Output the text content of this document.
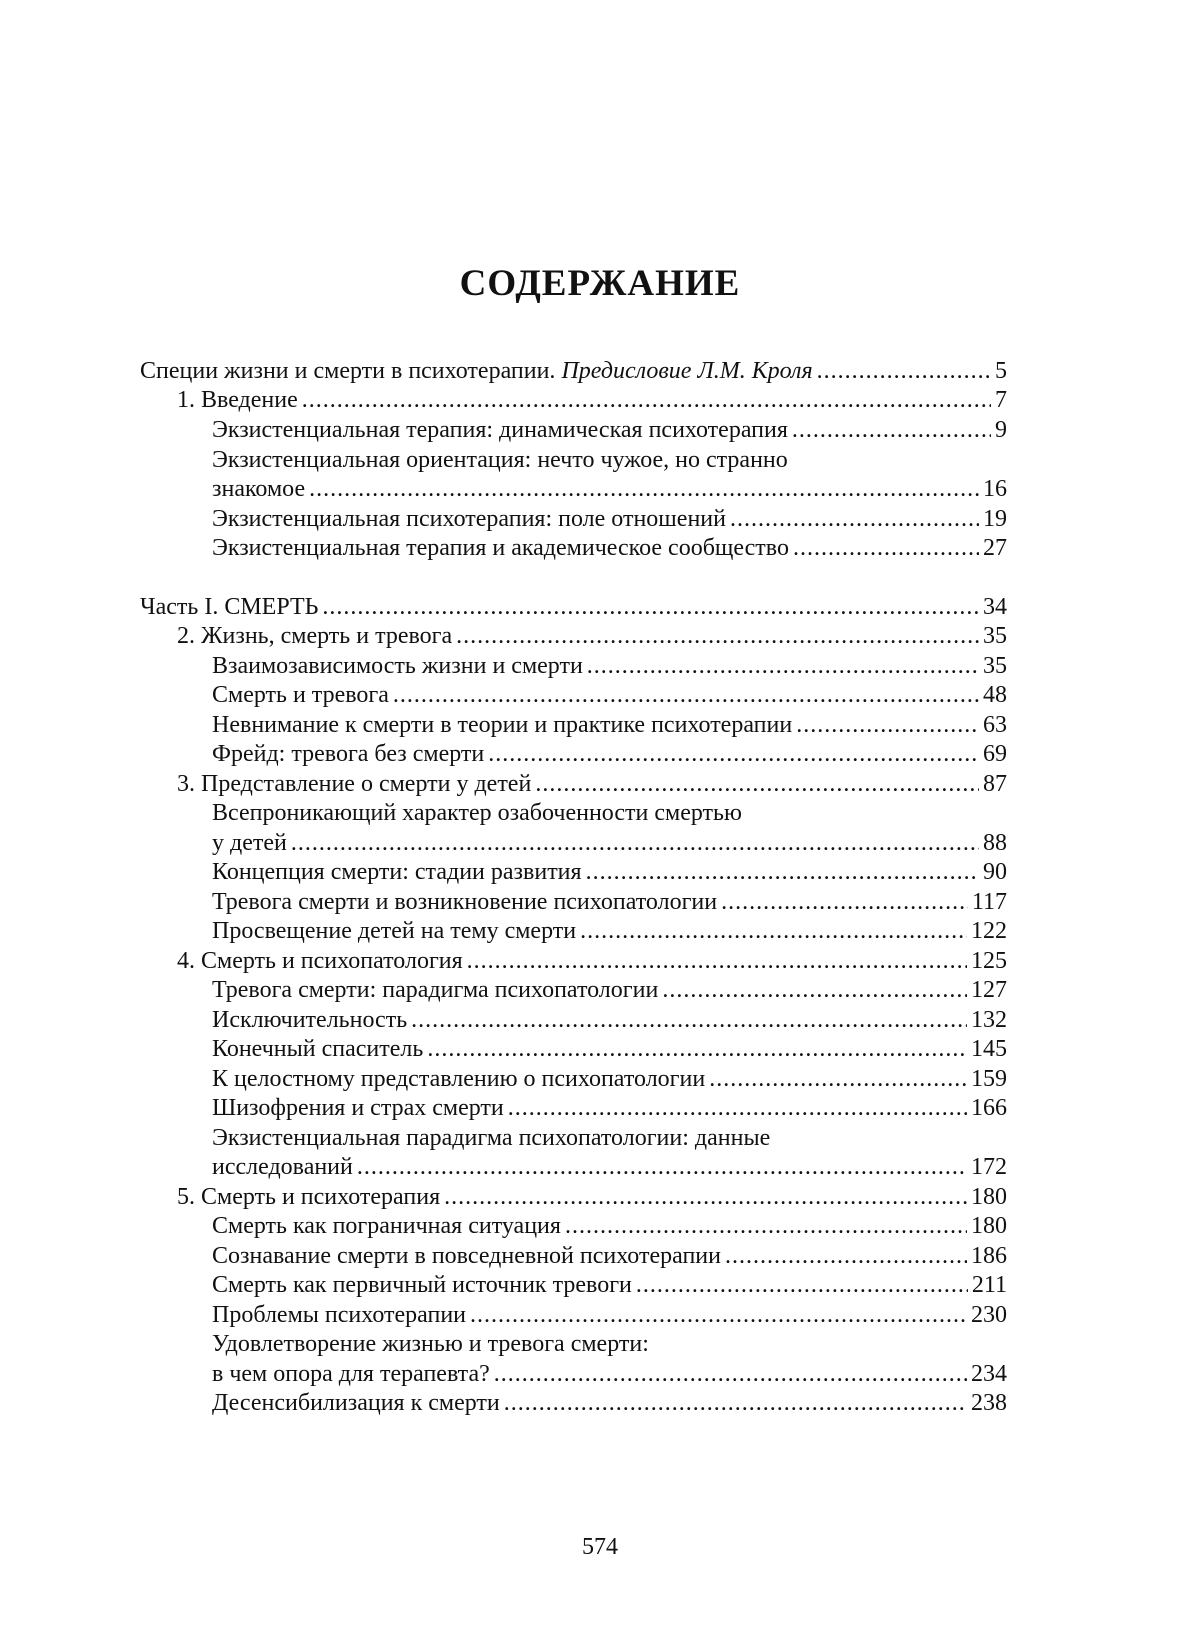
СОДЕРЖАНИЕ
Специи жизни и смерти в психотерапии. Предисловие Л.М. Кроля
.....	5
1. Введение
.....	7
Экзистенциальная терапия: динамическая психотерапия
.....	9
Экзистенциальная ориентация: нечто чужое, но странно
знакомое
.....	16
Экзистенциальная психотерапия: поле отношений
.....	19
Экзистенциальная терапия и академическое сообщество
.....	27
Часть I. СМЕРТЬ
.....	34
2. Жизнь, смерть и тревога
.....	35
Взаимозависимость жизни и смерти
.....	35
Смерть и тревога
.....	48
Невнимание к смерти в теории и практике психотерапии
.....	63
Фрейд: тревога без смерти
.....	69
3. Представление о смерти у детей
.....	87
Всепроникающий характер озабоченности смертью
у детей
.....	88
Концепция смерти: стадии развития
.....	90
Тревога смерти и возникновение психопатологии
.....	117
Просвещение детей на тему смерти
.....	122
4. Смерть и психопатология
.....	125
Тревога смерти: парадигма психопатологии
.....	127
Исключительность
.....	132
Конечный спаситель
.....	145
К целостному представлению о психопатологии
.....	159
Шизофрения и страх смерти
.....	166
Экзистенциальная парадигма психопатологии: данные
исследований
.....	172
5. Смерть и психотерапия
.....	180
Смерть как пограничная ситуация
.....	180
Сознавание смерти в повседневной психотерапии
.....	186
Смерть как первичный источник тревоги
.....	211
Проблемы психотерапии
.....	230
Удовлетворение жизнью и тревога смерти:
в чем опора для терапевта?
.....	234
Десенсибилизация к смерти
.....	238
574
